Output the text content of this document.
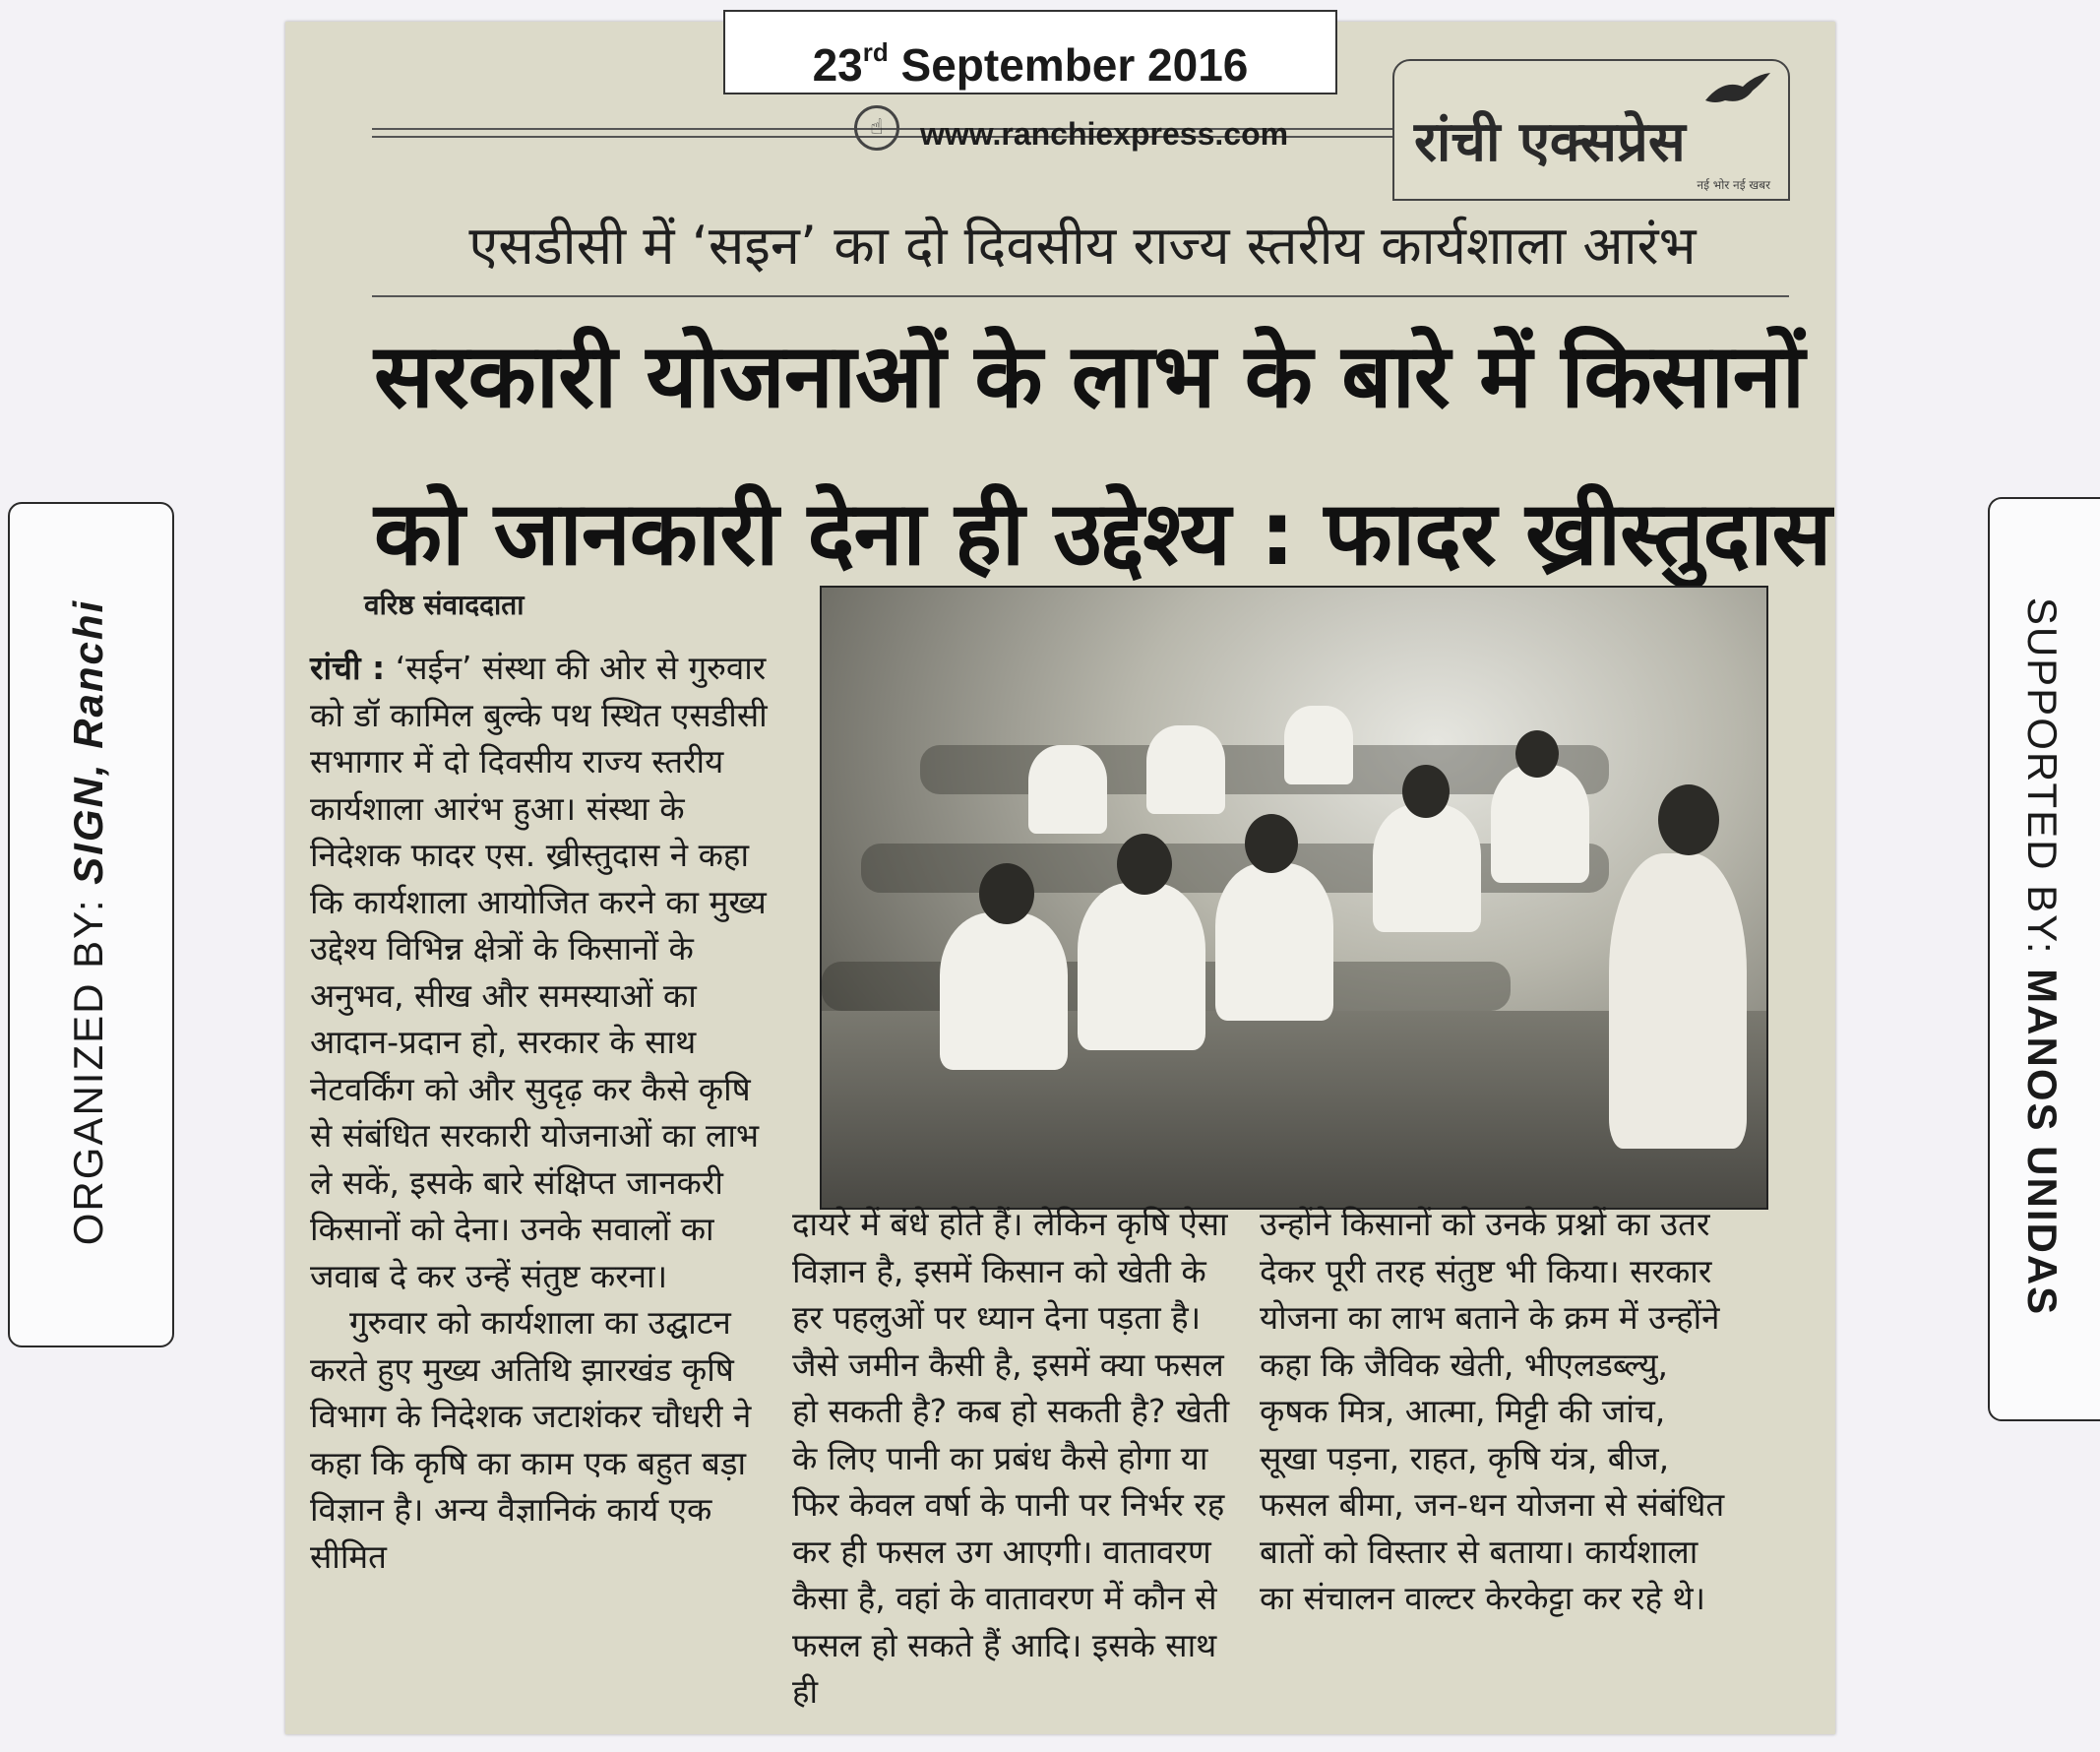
ORGANIZED BY: SIGN, Ranchi	SUPPORTED BY: MANOS UNIDAS
23rd September 2016
☝	www.ranchiexpress.com रांची एक्सप्रेस
नई भोर नई खबर
एसडीसी में ‘सइन’ का दो दिवसीय राज्य स्तरीय कार्यशाला आरंभ
सरकारी योजनाओं के लाभ के बारे में किसानों
को जानकारी देना ही उद्देश्य : फादर ख्रीस्तुदास
वरिष्ठ संवाददाता

रांची : ‘सईन’ संस्था की ओर से गुरुवार को डॉ कामिल बुल्के पथ स्थित एसडीसी सभागार में दो दिवसीय राज्य स्तरीय कार्यशाला आरंभ हुआ। संस्था के निदेशक फादर एस. ख्रीस्तुदास ने कहा कि कार्यशाला आयोजित करने का मुख्य उद्देश्य विभिन्न क्षेत्रों के किसानों के अनुभव, सीख और समस्याओं का आदान-प्रदान हो, सरकार के साथ नेटवर्किंग को और सुदृढ़ कर कैसे कृषि से संबंधित सरकारी योजनाओं का लाभ ले सकें, इसके बारे संक्षिप्त जानकरी किसानों को देना। उनके सवालों का जवाब दे कर उन्हें संतुष्ट करना।

गुरुवार को कार्यशाला का उद्घाटन करते हुए मुख्य अतिथि झारखंड कृषि विभाग के निदेशक जटाशंकर चौधरी ने कहा कि कृषि का काम एक बहुत बड़ा विज्ञान है। अन्य वैज्ञानिकं कार्य एक सीमित

दायरे में बंधे होते हैं। लेकिन कृषि ऐसा विज्ञान है, इसमें किसान को खेती के हर पहलुओं पर ध्यान देना पड़ता है। जैसे जमीन कैसी है, इसमें क्या फसल हो सकती है? कब हो सकती है? खेती के लिए पानी का प्रबंध कैसे होगा या फिर केवल वर्षा के पानी पर निर्भर रह कर ही फसल उग आएगी। वातावरण कैसा है, वहां के वातावरण में कौन से फसल हो सकते हैं आदि। इसके साथ ही

उन्होंने किसानों को उनके प्रश्नों का उतर देकर पूरी तरह संतुष्ट भी किया। सरकार योजना का लाभ बताने के क्रम में उन्होंने कहा कि जैविक खेती, भीएलडब्ल्यु, कृषक मित्र, आत्मा, मिट्टी की जांच, सूखा पड़ना, राहत, कृषि यंत्र, बीज, फसल बीमा, जन-धन योजना से संबंधित बातों को विस्तार से बताया। कार्यशाला का संचालन वाल्टर केरकेट्टा कर रहे थे।
